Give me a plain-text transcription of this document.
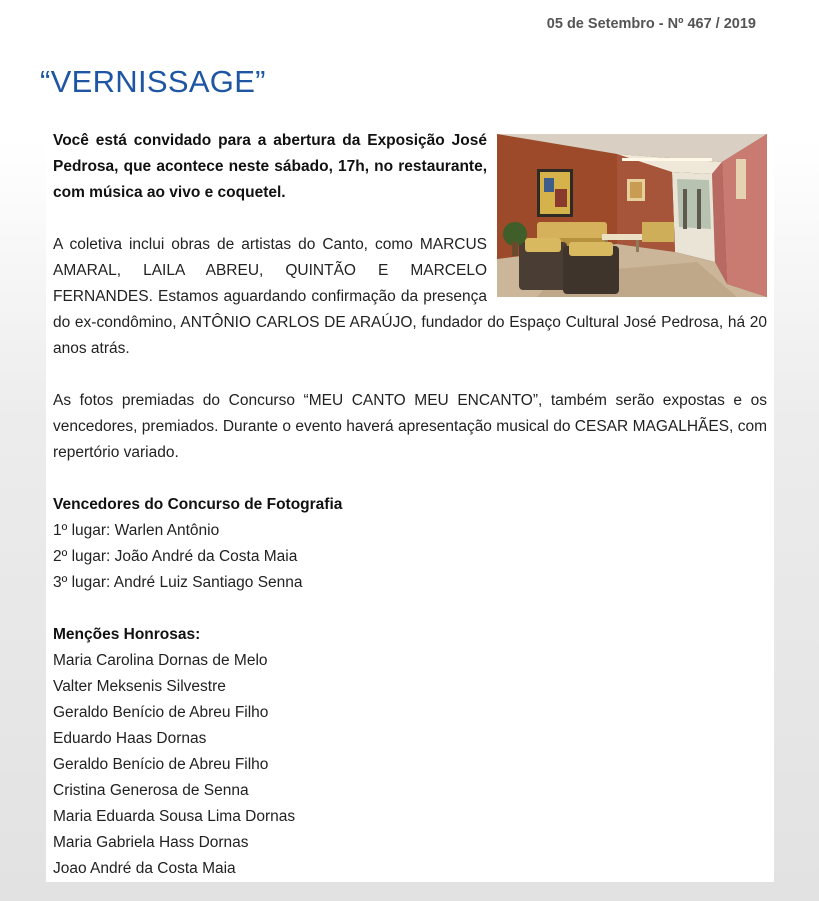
05 de Setembro - Nº 467 / 2019
“VERNISSAGE”

Você está convidado para a abertura da Exposição José Pedrosa, que acontece neste sábado, 17h, no restaurante, com música ao vivo e coquetel.

A coletiva inclui obras de artistas do Canto, como MARCUS AMARAL, LAILA ABREU, QUINTÃO E MARCELO FERNANDES. Estamos aguardando confirmação da presença do ex-condômino, ANTÔNIO CARLOS DE ARAÚJO, fundador do Espaço Cultural José Pedrosa, há 20 anos atrás.

As fotos premiadas do Concurso “MEU CANTO MEU ENCANTO”, também serão expostas e os vencedores, premiados. Durante o evento haverá apresentação musical do CESAR MAGALHÃES, com repertório variado.

Vencedores do Concurso de Fotografia

1º lugar: Warlen Antônio

2º lugar: João André da Costa Maia

3º lugar: André Luiz Santiago Senna

Menções Honrosas:

Maria Carolina Dornas de Melo

Valter Meksenis Silvestre

Geraldo Benício de Abreu Filho

Eduardo Haas Dornas

Geraldo Benício de Abreu Filho

Cristina Generosa de Senna

Maria Eduarda Sousa Lima Dornas

Maria Gabriela Hass Dornas

Joao André da Costa Maia
